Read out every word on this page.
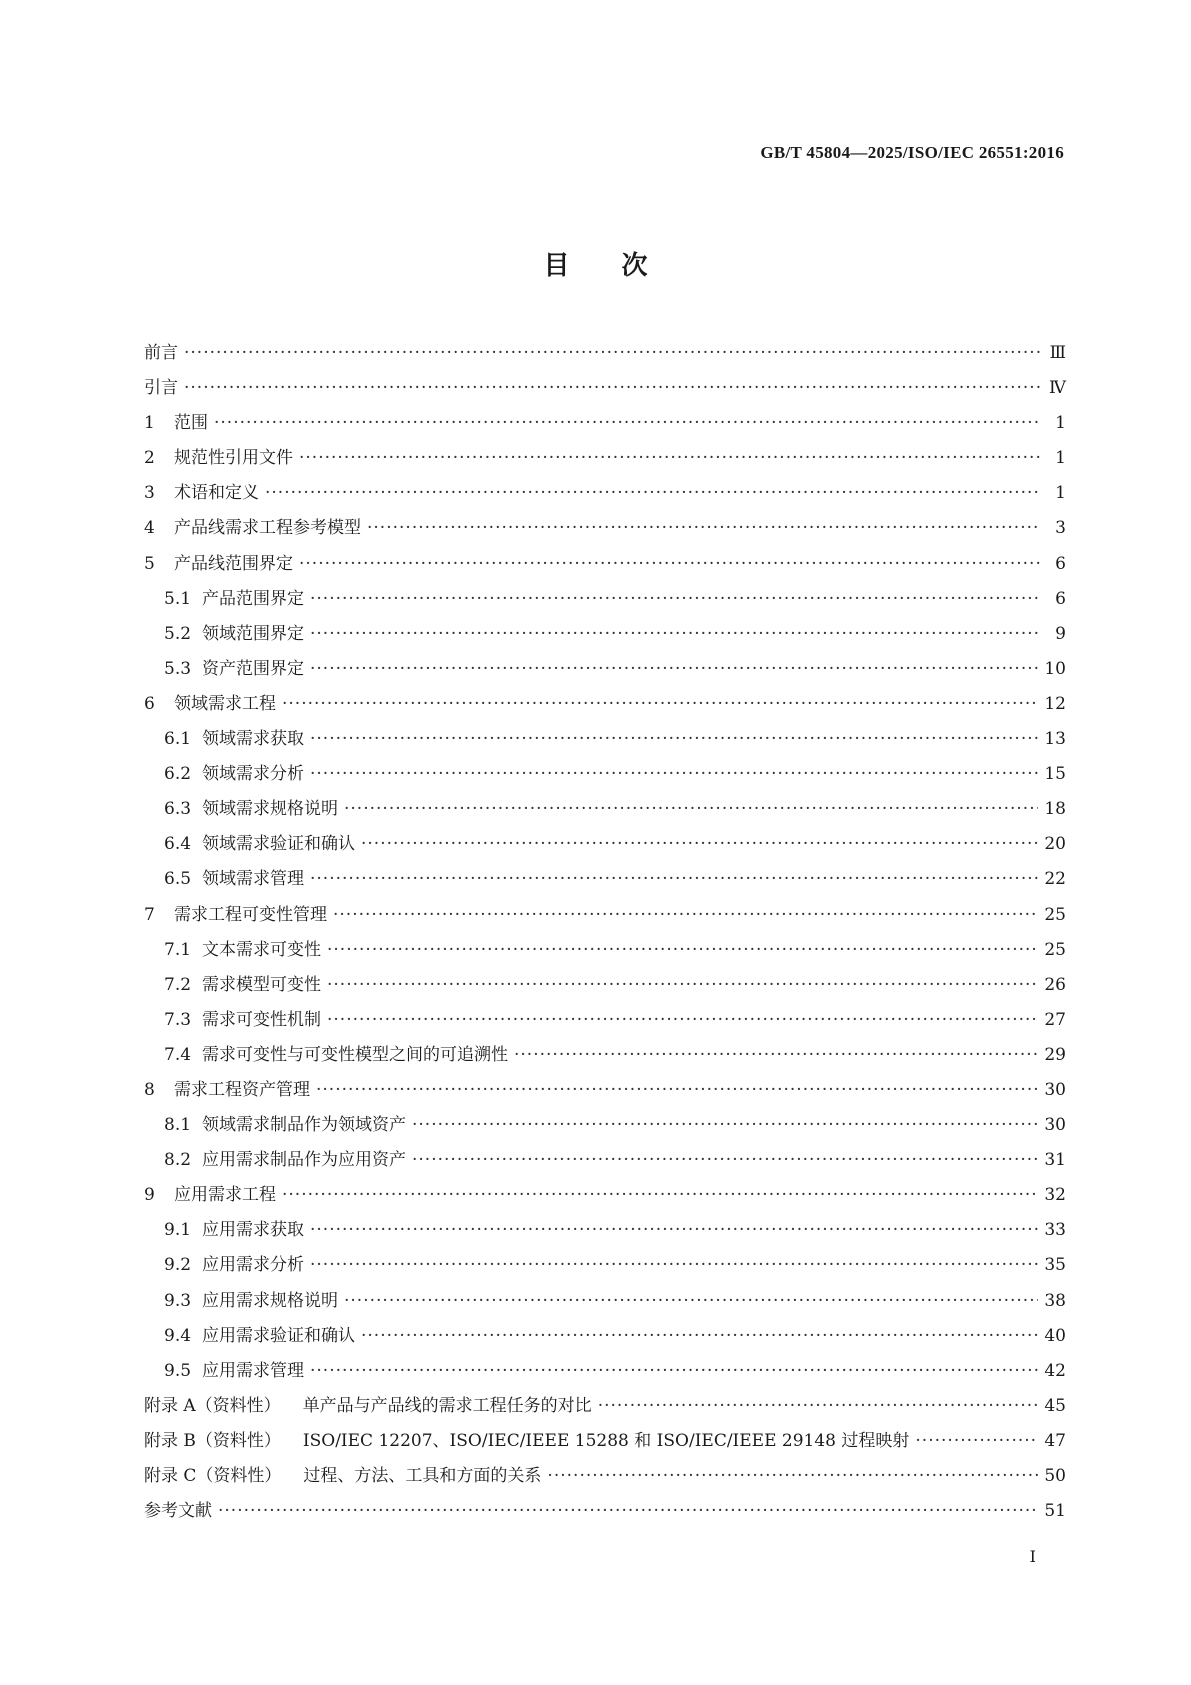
GB/T 45804—2025/ISO/IEC 26551:2016
目次
前言 ·····	Ⅲ
引言 ·····	Ⅳ
1	范围 ·····	1
2	规范性引用文件 ·····	1
3	术语和定义 ·····	1
4	产品线需求工程参考模型 ·····	3
5	产品线范围界定 ·····	6
5.1 产品范围界定 ·····	6
5.2 领域范围界定 ·····	9
5.3 资产范围界定 ·····	10
6	领域需求工程 ·····	12
6.1 领域需求获取 ·····	13
6.2 领域需求分析 ·····	15
6.3 领域需求规格说明 ·····	18
6.4 领域需求验证和确认 ·····	20
6.5 领域需求管理 ·····	22
7	需求工程可变性管理 ·····	25
7.1 文本需求可变性 ·····	25
7.2 需求模型可变性 ·····	26
7.3 需求可变性机制 ·····	27
7.4 需求可变性与可变性模型之间的可追溯性 ·····	29
8	需求工程资产管理 ·····	30
8.1 领域需求制品作为领域资产 ·····	30
8.2 应用需求制品作为应用资产 ·····	31
9	应用需求工程 ·····	32
9.1 应用需求获取 ·····	33
9.2 应用需求分析 ·····	35
9.3 应用需求规格说明 ·····	38
9.4 应用需求验证和确认 ·····	40
9.5 应用需求管理 ·····	42
附录 A（资料性） 单产品与产品线的需求工程任务的对比 ·····	45
附录 B（资料性） ISO/IEC 12207、ISO/IEC/IEEE 15288 和 ISO/IEC/IEEE 29148 过程映射 ·····	47
附录 C（资料性） 过程、方法、工具和方面的关系 ·····	50
参考文献 ·····	51
I
